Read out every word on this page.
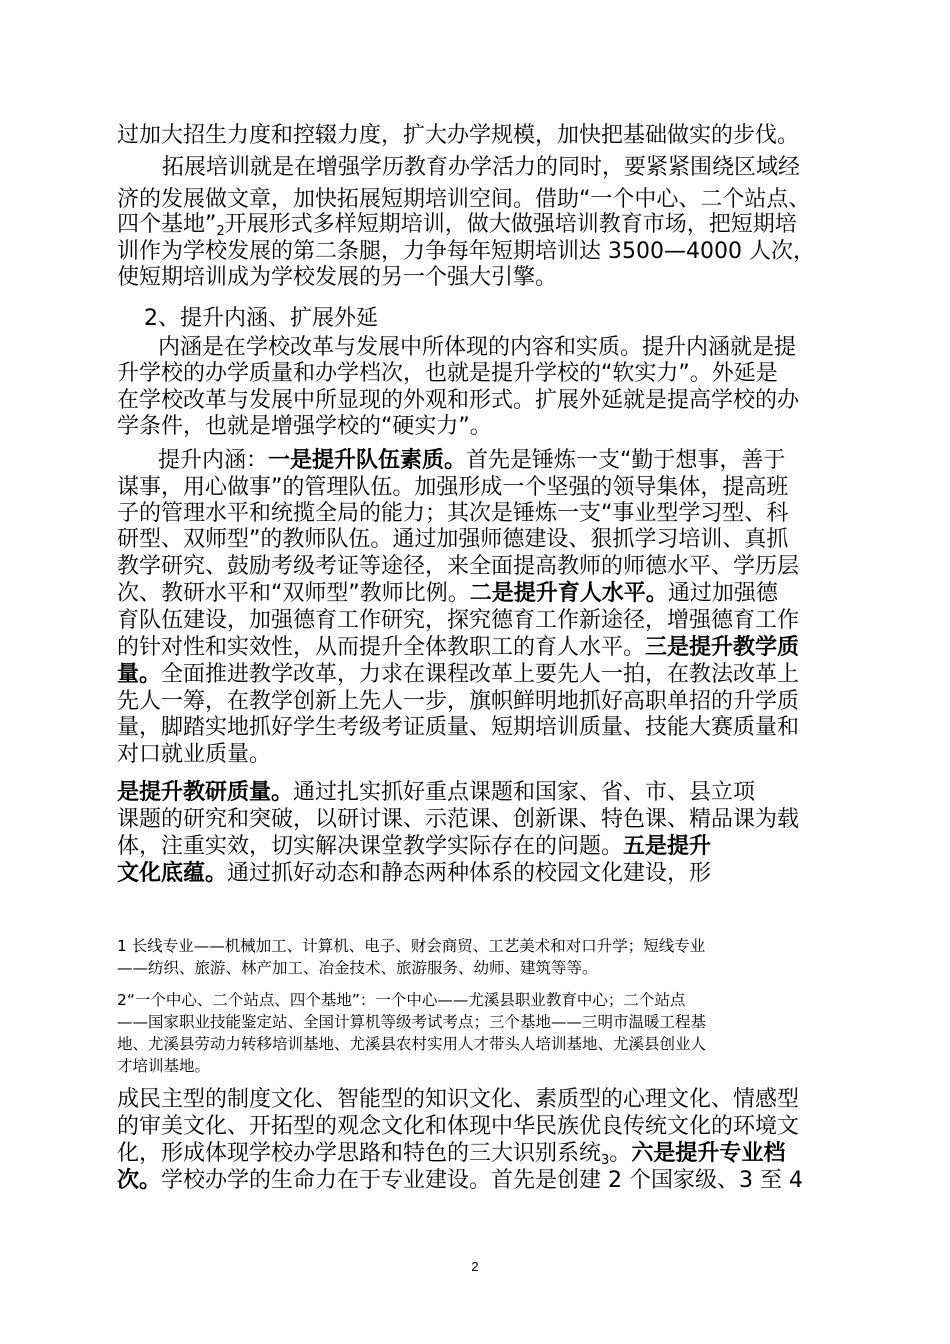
过加大招生力度和控辍力度，扩大办学规模，加快把基础做实的步伐。
拓展培训就是在增强学历教育办学活力的同时，要紧紧围绕区域经
济的发展做文章，加快拓展短期培训空间。借助“一个中心、二个站点、
四个基地”2开展形式多样短期培训，做大做强培训教育市场，把短期培
训作为学校发展的第二条腿，力争每年短期培训达 3500—4000 人次，
使短期培训成为学校发展的另一个强大引擎。
2、提升内涵、扩展外延
内涵是在学校改革与发展中所体现的内容和实质。提升内涵就是提
升学校的办学质量和办学档次，也就是提升学校的“软实力”。外延是
在学校改革与发展中所显现的外观和形式。扩展外延就是提高学校的办
学条件，也就是增强学校的“硬实力”。
提升内涵：一是提升队伍素质。首先是锤炼一支“勤于想事，善于
谋事，用心做事”的管理队伍。加强形成一个坚强的领导集体，提高班
子的管理水平和统揽全局的能力；其次是锤炼一支“事业型学习型、科
研型、双师型”的教师队伍。通过加强师德建设、狠抓学习培训、真抓
教学研究、鼓励考级考证等途径，来全面提高教师的师德水平、学历层
次、教研水平和“双师型”教师比例。二是提升育人水平。通过加强德
育队伍建设，加强德育工作研究，探究德育工作新途径，增强德育工作
的针对性和实效性，从而提升全体教职工的育人水平。三是提升教学质
量。全面推进教学改革，力求在课程改革上要先人一拍，在教法改革上
先人一筹，在教学创新上先人一步，旗帜鲜明地抓好高职单招的升学质
量，脚踏实地抓好学生考级考证质量、短期培训质量、技能大赛质量和
对口就业质量。
是提升教研质量。通过扎实抓好重点课题和国家、省、市、县立项
课题的研究和突破，以研讨课、示范课、创新课、特色课、精品课为载
体，注重实效，切实解决课堂教学实际存在的问题。五是提升
文化底蕴。通过抓好动态和静态两种体系的校园文化建设，形
1 长线专业——机械加工、计算机、电子、财会商贸、工艺美术和对口升学；短线专业
——纺织、旅游、林产加工、冶金技术、旅游服务、幼师、建筑等等。
2“一个中心、二个站点、四个基地”：一个中心——尤溪县职业教育中心；二个站点
——国家职业技能鉴定站、全国计算机等级考试考点；三个基地——三明市温暖工程基
地、尤溪县劳动力转移培训基地、尤溪县农村实用人才带头人培训基地、尤溪县创业人
才培训基地。
成民主型的制度文化、智能型的知识文化、素质型的心理文化、情感型
的审美文化、开拓型的观念文化和体现中华民族优良传统文化的环境文
化，形成体现学校办学思路和特色的三大识别系统3。六是提升专业档
次。学校办学的生命力在于专业建设。首先是创建 2 个国家级、3 至 4
2
